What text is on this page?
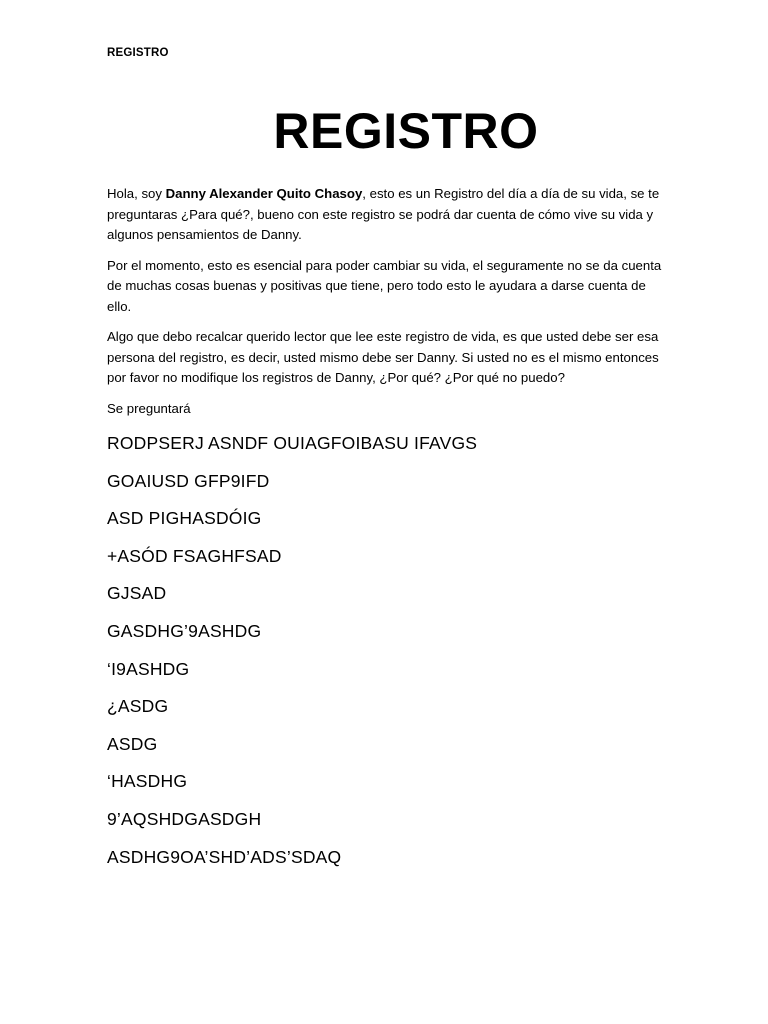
REGISTRO
REGISTRO

Hola, soy Danny Alexander Quito Chasoy, esto es un Registro del día a día de su vida, se te preguntaras ¿Para qué?, bueno con este registro se podrá dar cuenta de cómo vive su vida y algunos pensamientos de Danny.

Por el momento, esto es esencial para poder cambiar su vida, el seguramente no se da cuenta de muchas cosas buenas y positivas que tiene, pero todo esto le ayudara a darse cuenta de ello.

Algo que debo recalcar querido lector que lee este registro de vida, es que usted debe ser esa persona del registro, es decir, usted mismo debe ser Danny. Si usted no es el mismo entonces por favor no modifique los registros de Danny, ¿Por qué? ¿Por qué no puedo?

Se preguntará

RODPSERJ ASNDF OUIAGFOIBASU IFAVGS
GOAIUSD GFP9IFD
ASD PIGHASDÓIG
+ASÓD FSAGHFSAD
GJSAD
GASDHG’9ASHDG
‘I9ASHDG
¿ASDG
ASDG
‘HASDHG
9’AQSHDGASDGH
ASDHG9OA’SHD’ADS’SDAQ
